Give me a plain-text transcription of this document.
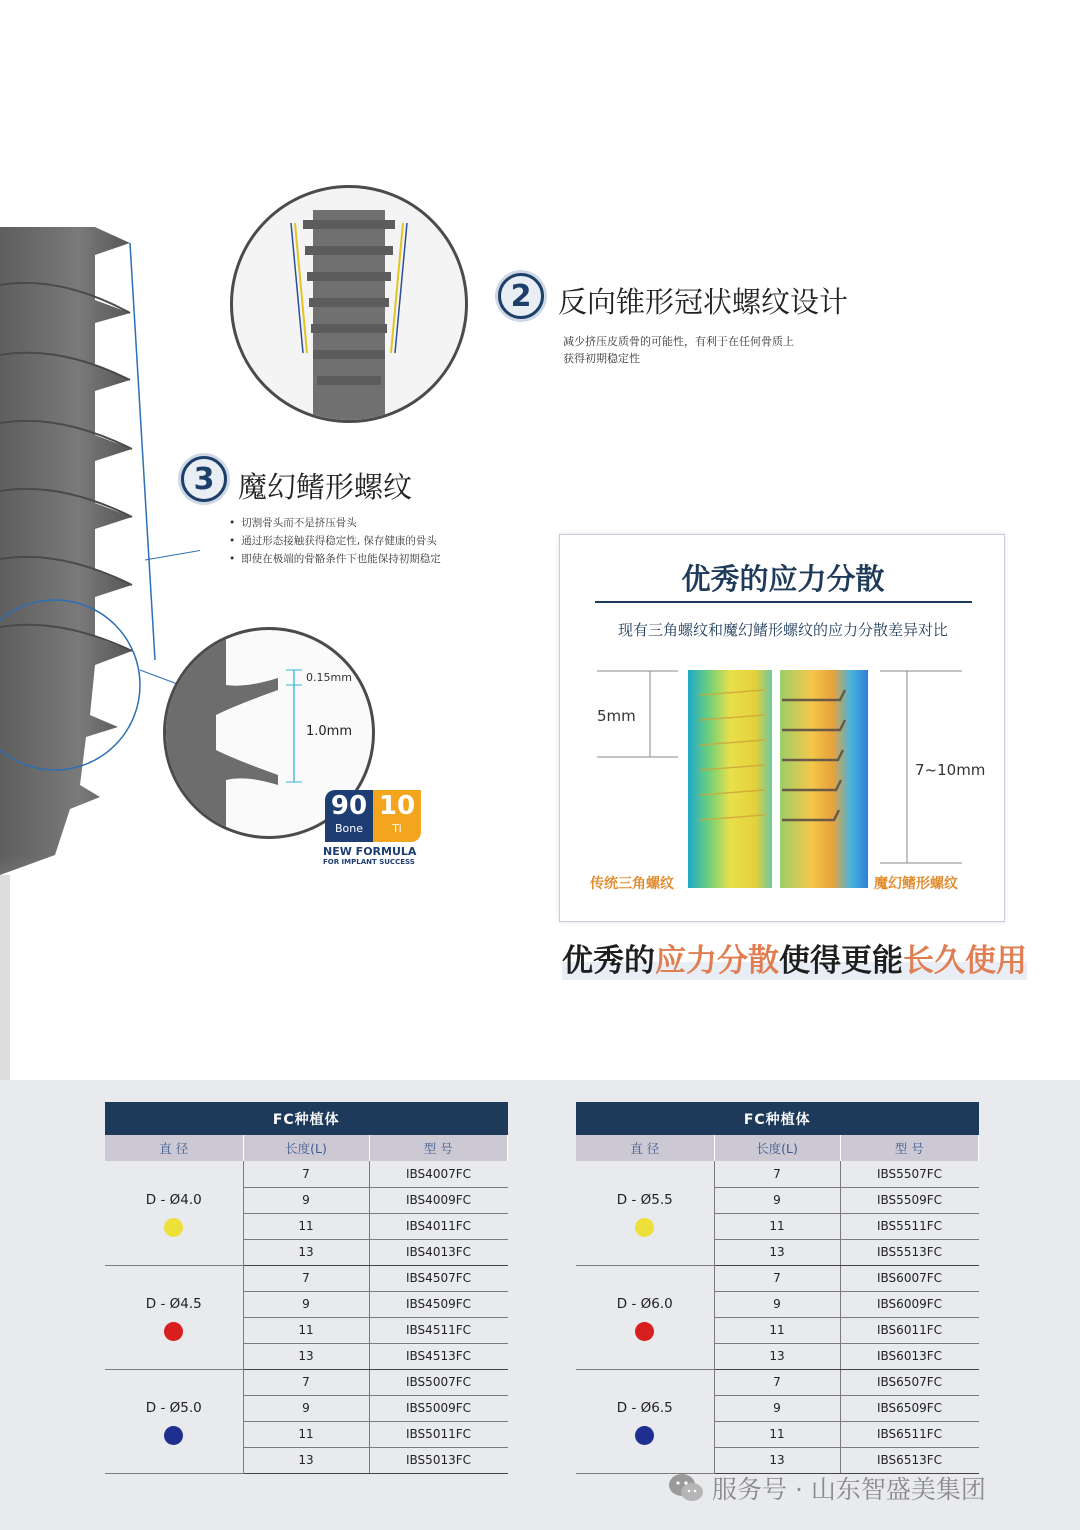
2 反向锥形冠状螺纹设计
减少挤压皮质骨的可能性，有利于在任何骨质上
获得初期稳定性
3 魔幻鳍形螺纹
• 切割骨头而不是挤压骨头
• 通过形态接触获得稳定性, 保存健康的骨头
• 即使在极端的骨骼条件下也能保持初期稳定
0.15mm
1.0mm
90
Bone
10
Ti
NEW FORMULA
FOR IMPLANT SUCCESS
优秀的应力分散
现有三角螺纹和魔幻鳍形螺纹的应力分散差异对比
5mm
7~10mm
传统三角螺纹	魔幻鳍形螺纹
优秀的应力分散使得更能长久使用
FC种植体		
直 径	长度(L)	型 号

D - Ø4.0	7	IBS4007FC
	9	IBS4009FC
	11	IBS4011FC
	13	IBS4013FC

D - Ø4.5	7	IBS4507FC
	9	IBS4509FC
	11	IBS4511FC
	13	IBS4513FC

D - Ø5.0	7	IBS5007FC
	9	IBS5009FC
	11	IBS5011FC
	13	IBS5013FC
FC种植体		
直 径	长度(L)	型 号

D - Ø5.5	7	IBS5507FC
	9	IBS5509FC
	11	IBS5511FC
	13	IBS5513FC

D - Ø6.0	7	IBS6007FC
	9	IBS6009FC
	11	IBS6011FC
	13	IBS6013FC

D - Ø6.5	7	IBS6507FC
	9	IBS6509FC
	11	IBS6511FC
	13	IBS6513FC
服务号 · 山东智盛美集团
